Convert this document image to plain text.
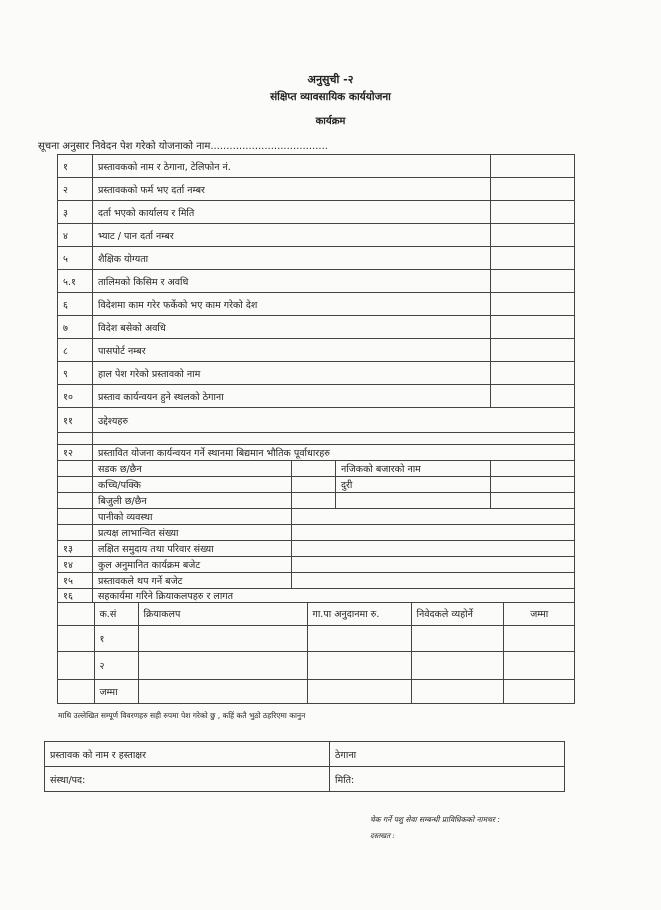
अनुसुची -२
संक्षिप्त व्यावसायिक कार्ययोजना
कार्यक्रम
सूचना अनुसार निवेदन पेश गरेको योजनाको नाम.....................................
१	प्रस्तावकको नाम र ठेगाना, टेलिफोन नं.	
२	प्रस्तावकको फर्म भए दर्ता नम्बर	
३	दर्ता भएको कार्यालय र मिति	
४	भ्याट / पान दर्ता नम्बर	
५	शैक्षिक योग्यता	
५.१	तालिमको किसिम र अवधि	
६	विदेशमा काम गरेर फर्केको भए काम गरेको देश	
७	विदेश बसेको अवधि	
८	पासपोर्ट नम्बर	
९	हाल पेश गरेको प्रस्तावको नाम	
१०	प्रस्ताव कार्यन्वयन हुने स्थलको ठेगाना	
११	उद्देश्यहरु

१२	प्रस्तावित योजना कार्यन्वयन गर्ने स्थानमा बिद्यमान भौतिक पूर्वाधारहरु
	सडक छ/छैन		नजिकको बजारको नाम	
	कच्चि/पक्कि		दुरी	
	बिजुली छ/छैन			
	पानीको व्यवस्था	
	प्रत्यक्ष लाभान्वित संख्या	
१३	लक्षित समुदाय तथा परिवार संख्या	
१४	कुल अनुमानित कार्यक्रम बजेट	
१५	प्रस्तावकले थप गर्ने बजेट	
१६	सहकार्यमा गरिने क्रियाकलपहरु र लागत

	क.सं	क्रियाकलप	गा.पा अनुदानमा रु.	निवेदकले व्यहोर्ने	जम्मा
	१				
	२				
	जम्मा				
माथि उल्लेखित सम्पूर्ण विवरणहरु सही रुपमा पेश गरेको छु , कहिं कतै भुठो ठहरिएमा कानुन
प्रस्तावक को नाम र हस्ताक्षर	ठेगाना
संस्था/पद:	मिति:
चेक गर्ने पशु सेवा सम्बन्धी प्राविधिकको नामथर :
दस्तखत :
